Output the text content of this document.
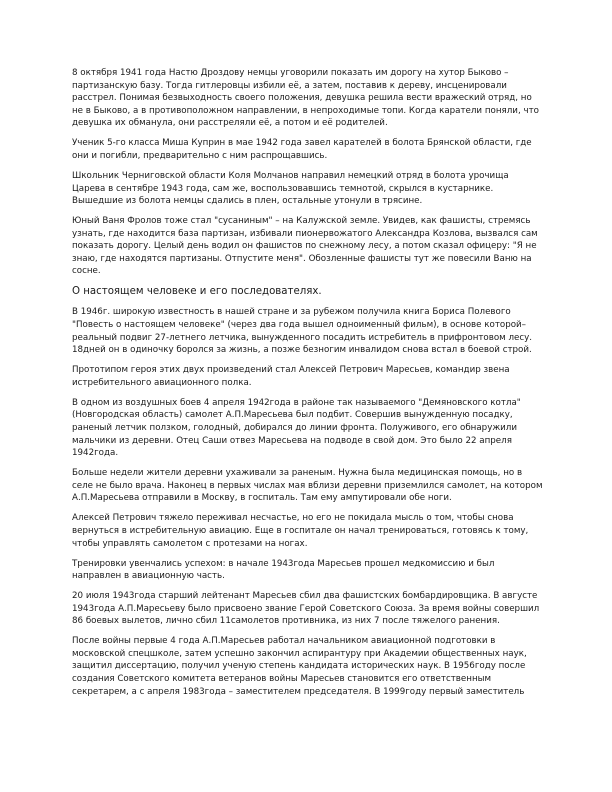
8 октября 1941 года Настю Дроздову немцы уговорили показать им дорогу на хутор Быково – партизанскую базу. Тогда гитлеровцы избили её, а затем, поставив к дереву, инсценировали расстрел. Понимая безвыходность своего положения, девушка решила вести вражеский отряд, но не в Быково, а в противоположном направлении, в непроходимые топи. Когда каратели поняли, что девушка их обманула, они расстреляли её, а потом и её родителей.

Ученик 5-го класса Миша Куприн в мае 1942 года завел карателей в болота Брянской области, где они и погибли, предварительно с ним распрощавшись.

Школьник Черниговской области Коля Молчанов направил немецкий отряд в болота урочища Царева в сентябре 1943 года, сам же, воспользовавшись темнотой, скрылся в кустарнике. Вышедшие из болота немцы сдались в плен, остальные утонули в трясине.

Юный Ваня Фролов тоже стал "сусаниным" – на Калужской земле. Увидев, как фашисты, стремясь узнать, где находится база партизан, избивали пионервожатого Александра Козлова, вызвался сам показать дорогу. Целый день водил он фашистов по снежному лесу, а потом сказал офицеру: "Я не знаю, где находятся партизаны. Отпустите меня". Обозленные фашисты тут же повесили Ваню на сосне.

О настоящем человеке и его последователях.

В 1946г. широкую известность в нашей стране и за рубежом получила книга Бориса Полевого "Повесть о настоящем человеке" (через два года вышел одноименный фильм), в основе которой– реальный подвиг 27-летнего летчика, вынужденного посадить истребитель в прифронтовом лесу. 18дней он в одиночку боролся за жизнь, а позже безногим инвалидом снова встал в боевой строй.

Прототипом героя этих двух произведений стал Алексей Петрович Маресьев, командир звена истребительного авиационного полка.

В одном из воздушных боев 4 апреля 1942года в районе так называемого "Демяновского котла" (Новгородская область) самолет А.П.Маресьева был подбит. Совершив вынужденную посадку, раненый летчик ползком, голодный, добирался до линии фронта. Полуживого, его обнаружили мальчики из деревни. Отец Саши отвез Маресьева на подводе в свой дом. Это было 22 апреля 1942года.

Больше недели жители деревни ухаживали за раненым. Нужна была медицинская помощь, но в селе не было врача. Наконец в первых числах мая вблизи деревни приземлился самолет, на котором А.П.Маресьева отправили в Москву, в госпиталь. Там ему ампутировали обе ноги.

Алексей Петрович тяжело переживал несчастье, но его не покидала мысль о том, чтобы снова вернуться в истребительную авиацию. Еще в госпитале он начал тренироваться, готовясь к тому, чтобы управлять самолетом с протезами на ногах.

Тренировки увенчались успехом: в начале 1943года Маресьев прошел медкомиссию и был направлен в авиационную часть.

20 июля 1943года старший лейтенант Маресьев сбил два фашистских бомбардировщика. В августе 1943года А.П.Маресьеву было присвоено звание Герой Советского Союза. За время войны совершил 86 боевых вылетов, лично сбил 11самолетов противника, из них 7 после тяжелого ранения.

После войны первые 4 года А.П.Маресьев работал начальником авиационной подготовки в московской спецшколе, затем успешно закончил аспирантуру при Академии общественных наук, защитил диссертацию, получил ученую степень кандидата исторических наук. В 1956году после создания Советского комитета ветеранов войны Маресьев становится его ответственным секретарем, а с апреля 1983года – заместителем председателя. В 1999году первый заместитель
